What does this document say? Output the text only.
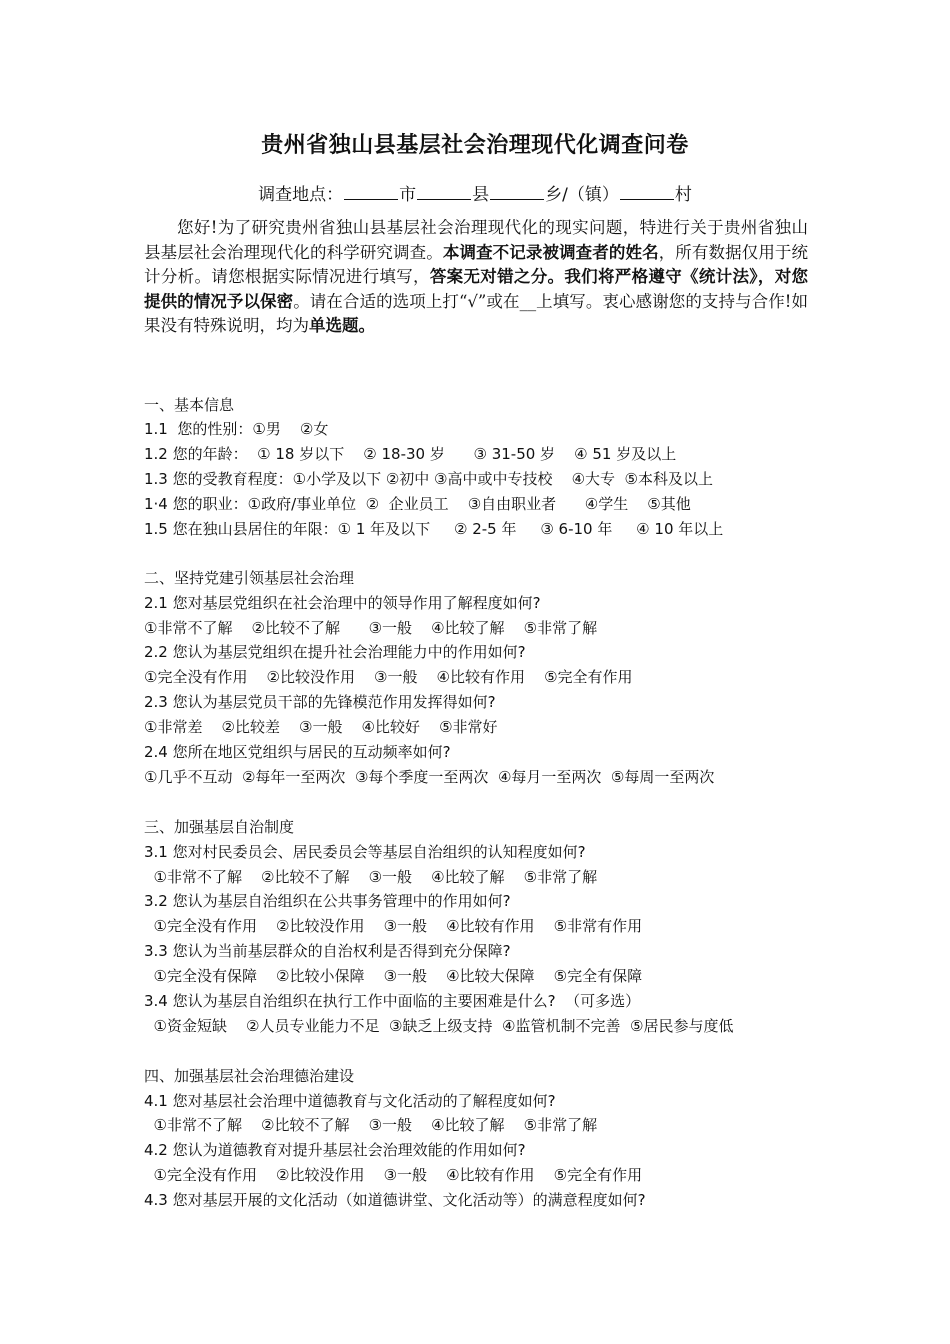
贵州省独山县基层社会治理现代化调查问卷
调查地点：	市	县	乡/（镇）	村
您好!为了研究贵州省独山县基层社会治理现代化的现实问题，特进行关于贵州省独山县基层社会治理现代化的科学研究调查。本调查不记录被调查者的姓名，所有数据仅用于统计分析。请您根据实际情况进行填写，答案无对错之分。我们将严格遵守《统计法》，对您提供的情况予以保密。请在合适的选项上打“√”或在__上填写。衷心感谢您的支持与合作!如果没有特殊说明，均为单选题。
一、基本信息
1.1  您的性别：①男    ②女
1.2 您的年龄：  ① 18 岁以下    ② 18-30 岁      ③ 31-50 岁    ④ 51 岁及以上
1.3 您的受教育程度：①小学及以下 ②初中 ③高中或中专技校    ④大专  ⑤本科及以上
1·4 您的职业：①政府/事业单位  ②  企业员工    ③自由职业者      ④学生    ⑤其他
1.5 您在独山县居住的年限：① 1 年及以下     ② 2-5 年     ③ 6-10 年     ④ 10 年以上
二、坚持党建引领基层社会治理
2.1 您对基层党组织在社会治理中的领导作用了解程度如何?
①非常不了解    ②比较不了解      ③一般    ④比较了解    ⑤非常了解
2.2 您认为基层党组织在提升社会治理能力中的作用如何?
①完全没有作用    ②比较没作用    ③一般    ④比较有作用    ⑤完全有作用
2.3 您认为基层党员干部的先锋模范作用发挥得如何?
①非常差    ②比较差    ③一般    ④比较好    ⑤非常好
2.4 您所在地区党组织与居民的互动频率如何?
①几乎不互动  ②每年一至两次  ③每个季度一至两次  ④每月一至两次  ⑤每周一至两次
三、加强基层自治制度
3.1 您对村民委员会、居民委员会等基层自治组织的认知程度如何?
①非常不了解    ②比较不了解    ③一般    ④比较了解    ⑤非常了解
3.2 您认为基层自治组织在公共事务管理中的作用如何?
①完全没有作用    ②比较没作用    ③一般    ④比较有作用    ⑤非常有作用
3.3 您认为当前基层群众的自治权利是否得到充分保障?
①完全没有保障    ②比较小保障    ③一般    ④比较大保障    ⑤完全有保障
3.4 您认为基层自治组织在执行工作中面临的主要困难是什么?  （可多选）
①资金短缺    ②人员专业能力不足  ③缺乏上级支持  ④监管机制不完善  ⑤居民参与度低
四、加强基层社会治理德治建设
4.1 您对基层社会治理中道德教育与文化活动的了解程度如何?
①非常不了解    ②比较不了解    ③一般    ④比较了解    ⑤非常了解
4.2 您认为道德教育对提升基层社会治理效能的作用如何?
①完全没有作用    ②比较没作用    ③一般    ④比较有作用    ⑤完全有作用
4.3 您对基层开展的文化活动（如道德讲堂、文化活动等）的满意程度如何?
